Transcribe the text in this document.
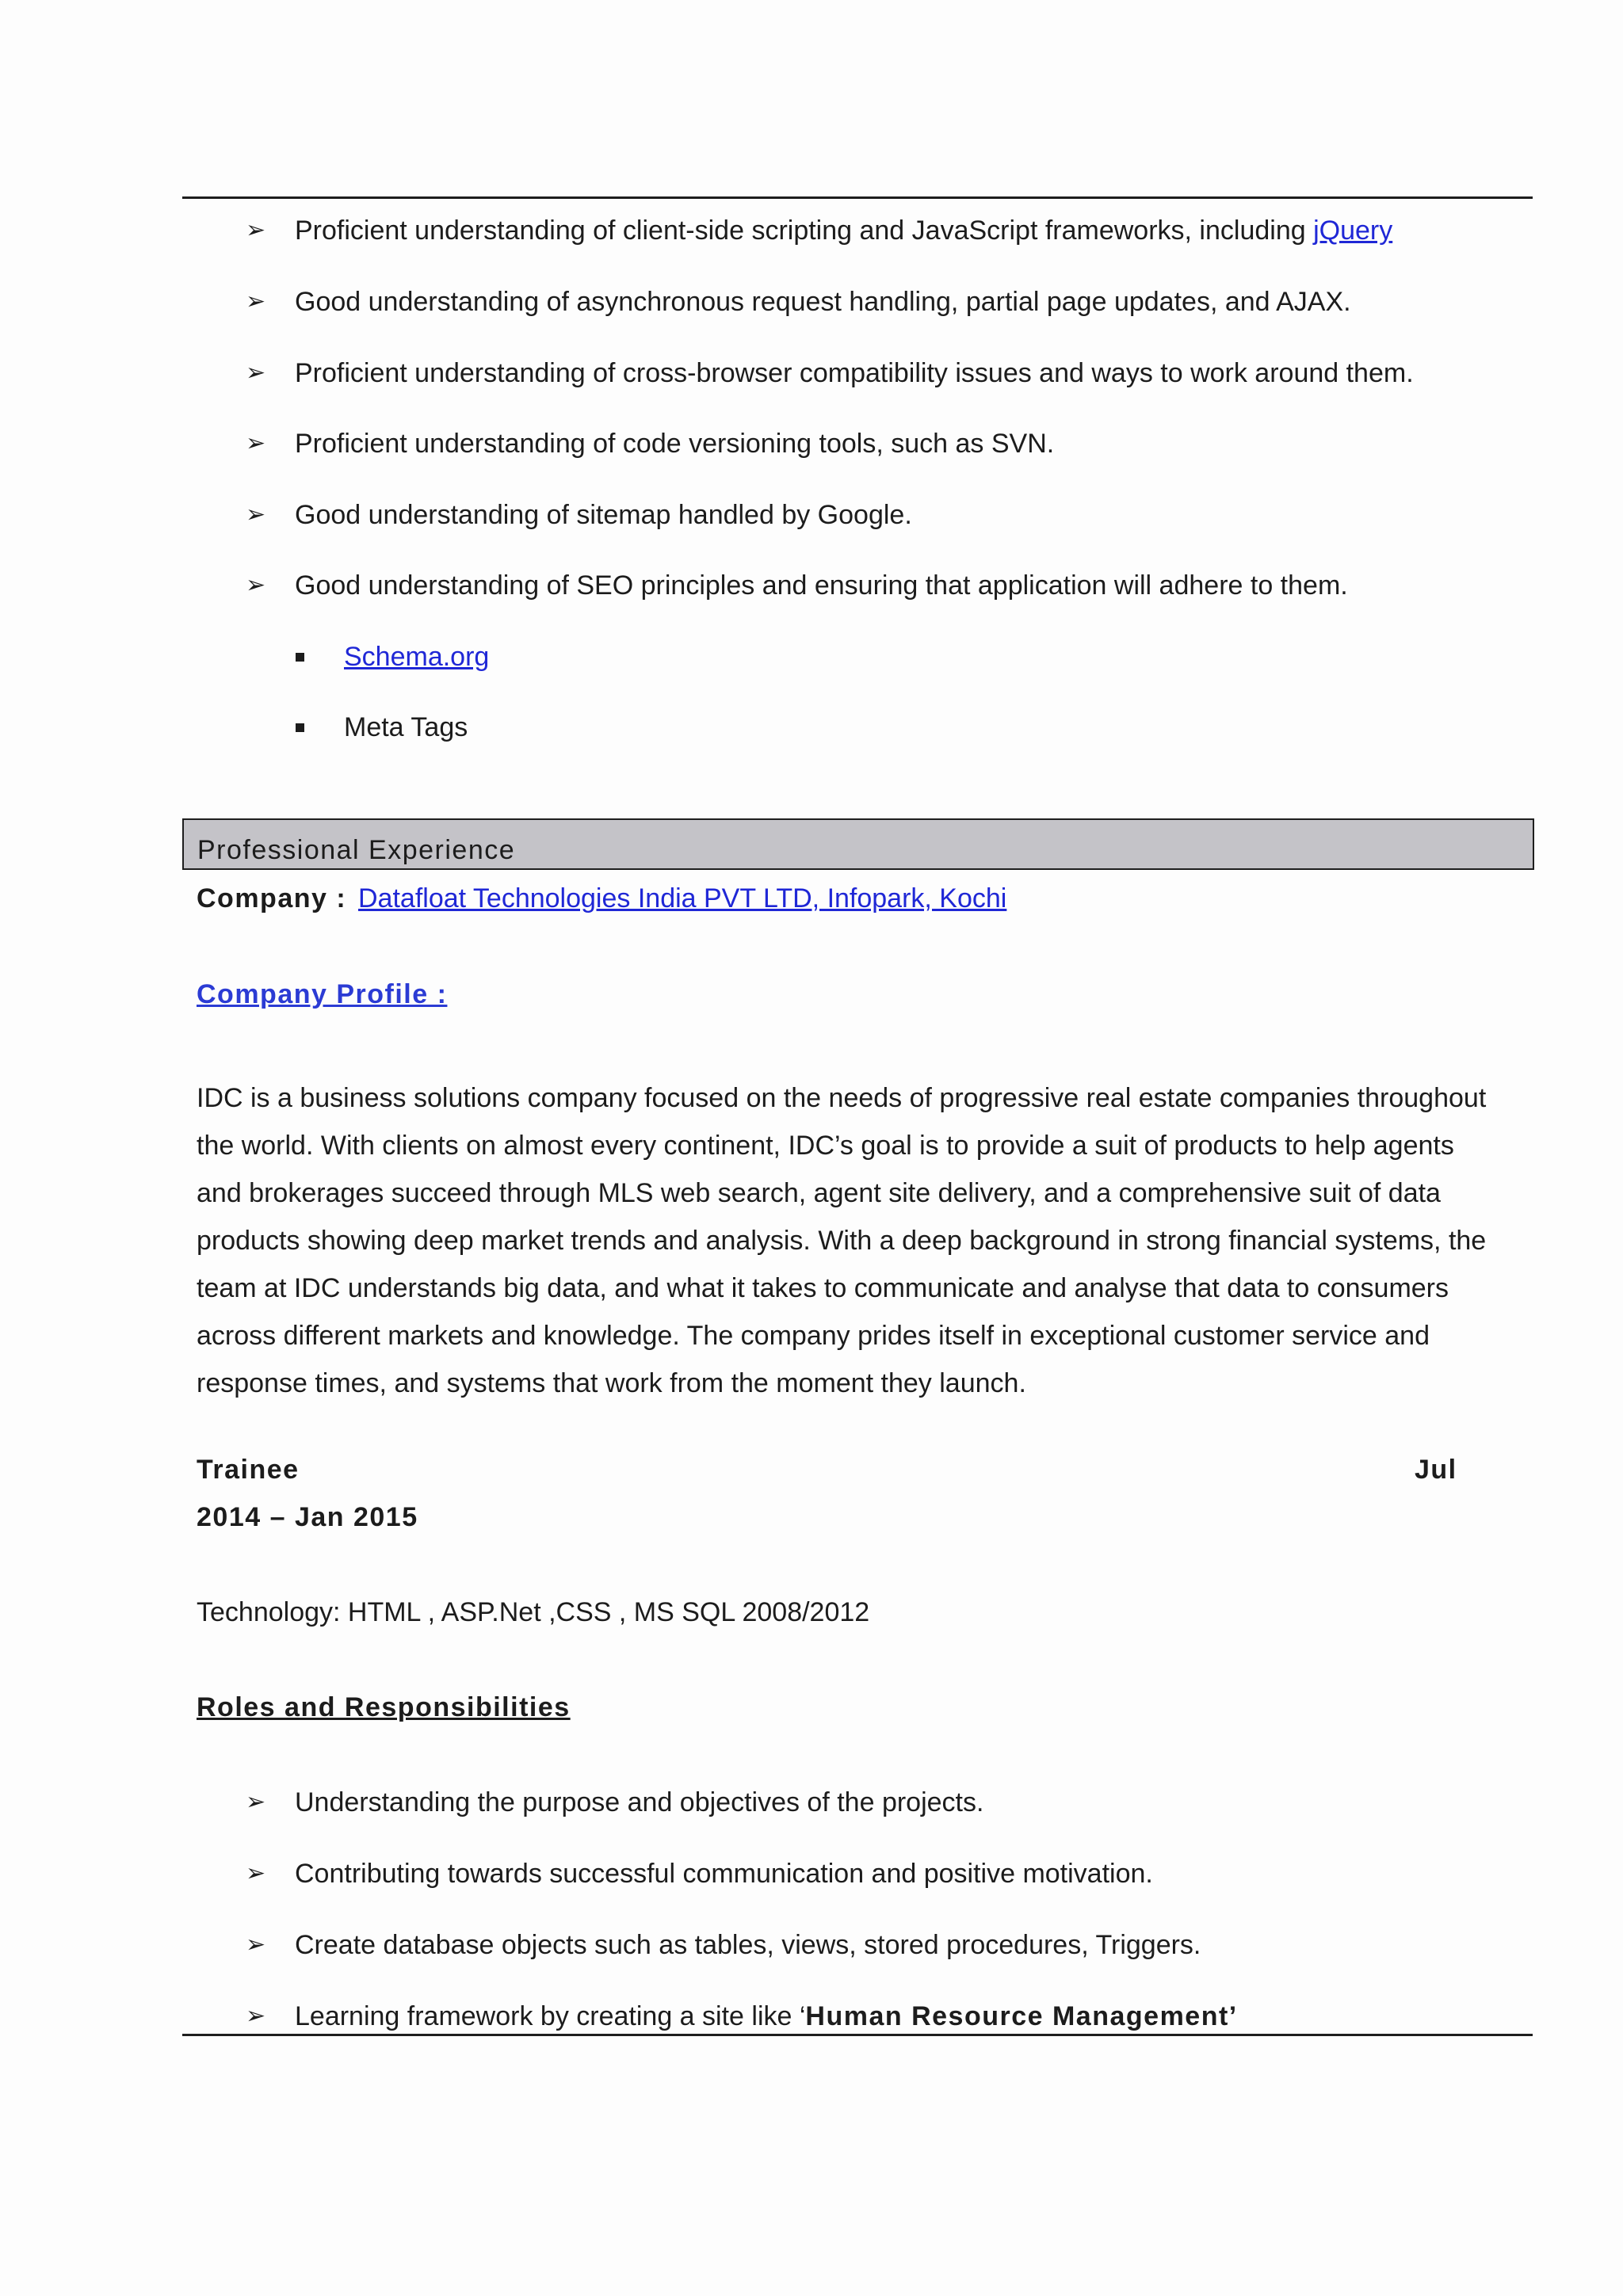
➢ Proficient understanding of client-side scripting and JavaScript frameworks, including jQuery
➢ Good understanding of asynchronous request handling, partial page updates, and AJAX.
➢ Proficient understanding of cross-browser compatibility issues and ways to work around them.
➢ Proficient understanding of code versioning tools, such as SVN.
➢ Good understanding of sitemap handled by Google.
➢ Good understanding of SEO principles and ensuring that application will adhere to them.
Schema.org
Meta Tags
Professional Experience
Company : Datafloat Technologies India PVT LTD, Infopark, Kochi
Company Profile :
IDC is a business solutions company focused on the needs of progressive real estate companies throughout
the world. With clients on almost every continent, IDC’s goal is to provide a suit of products to help agents
and brokerages succeed through MLS web search, agent site delivery, and a comprehensive suit of data
products showing deep market trends and analysis. With a deep background in strong financial systems, the
team at IDC understands big data, and what it takes to communicate and analyse that data to consumers
across different markets and knowledge. The company prides itself in exceptional customer service and
response times, and systems that work from the moment they launch.
Trainee	Jul
2014 – Jan 2015
Technology: HTML , ASP.Net ,CSS , MS SQL 2008/2012
Roles and Responsibilities
➢ Understanding the purpose and objectives of the projects.
➢ Contributing towards successful communication and positive motivation.
➢ Create database objects such as tables, views, stored procedures, Triggers.
➢ Learning framework by creating a site like ‘Human Resource Management’
